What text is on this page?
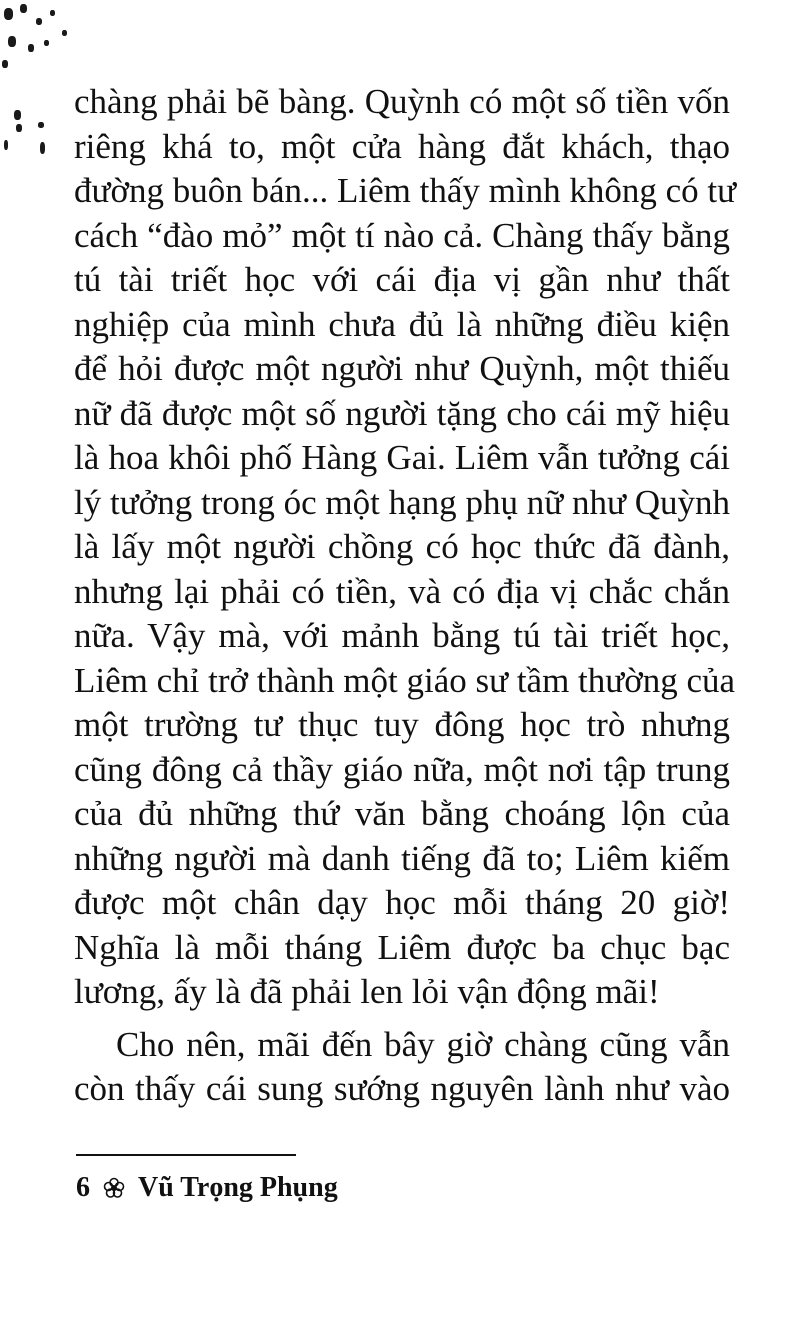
chàng phải bẽ bàng. Quỳnh có một số tiền vốn
riêng khá to, một cửa hàng đắt khách, thạo
đường buôn bán... Liêm thấy mình không có tư
cách “đào mỏ” một tí nào cả. Chàng thấy bằng
tú tài triết học với cái địa vị gần như thất
nghiệp của mình chưa đủ là những điều kiện
để hỏi được một người như Quỳnh, một thiếu
nữ đã được một số người tặng cho cái mỹ hiệu
là hoa khôi phố Hàng Gai. Liêm vẫn tưởng cái
lý tưởng trong óc một hạng phụ nữ như Quỳnh
là lấy một người chồng có học thức đã đành,
nhưng lại phải có tiền, và có địa vị chắc chắn
nữa. Vậy mà, với mảnh bằng tú tài triết học,
Liêm chỉ trở thành một giáo sư tầm thường của
một trường tư thục tuy đông học trò nhưng
cũng đông cả thầy giáo nữa, một nơi tập trung
của đủ những thứ văn bằng choáng lộn của
những người mà danh tiếng đã to; Liêm kiếm
được một chân dạy học mỗi tháng 20 giờ!
Nghĩa là mỗi tháng Liêm được ba chục bạc
lương, ấy là đã phải len lỏi vận động mãi!
Cho nên, mãi đến bây giờ chàng cũng vẫn
còn thấy cái sung sướng nguyên lành như vào
6 Vũ Trọng Phụng
